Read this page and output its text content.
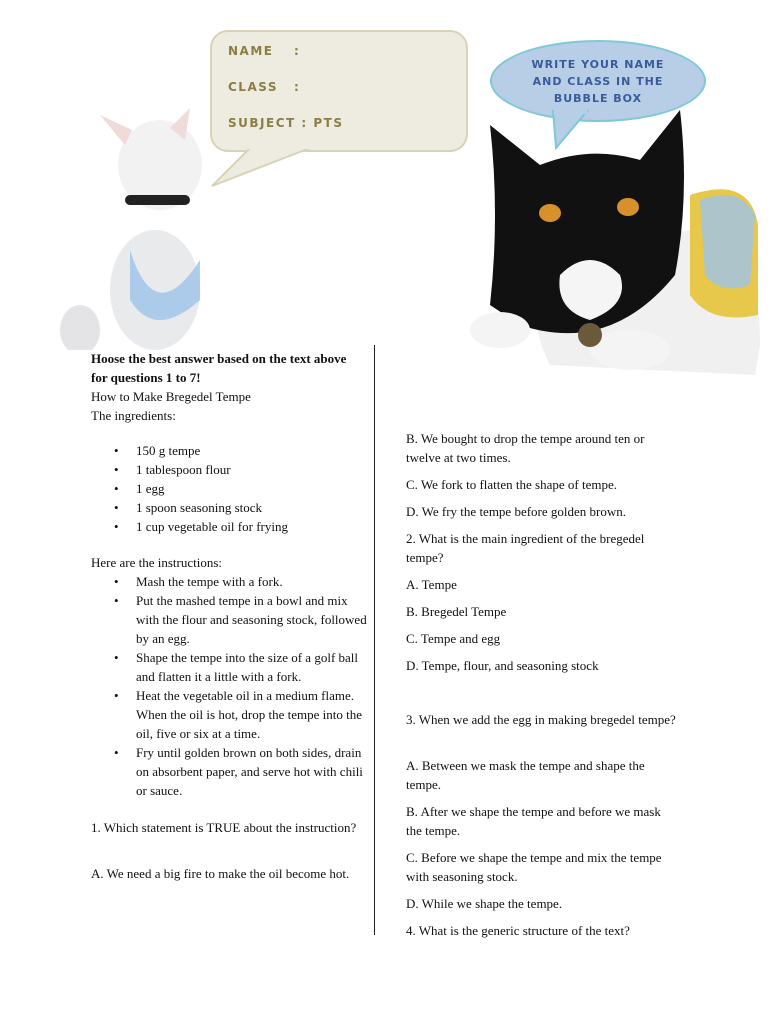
NAME :
CLASS :
SUBJECT : PTS
WRITE YOUR NAME AND CLASS IN THE BUBBLE BOX
Hoose the best answer based on the text above for questions 1 to 7!
How to Make Bregedel Tempe
The ingredients:
• 150 g tempe
• 1 tablespoon flour
• 1 egg
• 1 spoon seasoning stock
• 1 cup vegetable oil for frying
Here are the instructions:
• Mash the tempe with a fork.
• Put the mashed tempe in a bowl and mix with the flour and seasoning stock, followed by an egg.
• Shape the tempe into the size of a golf ball and flatten it a little with a fork.
• Heat the vegetable oil in a medium flame. When the oil is hot, drop the tempe into the oil, five or six at a time.
• Fry until golden brown on both sides, drain on absorbent paper, and serve hot with chili or sauce.
1. Which statement is TRUE about the instruction?
A. We need a big fire to make the oil become hot.
B. We bought to drop the tempe around ten or twelve at two times.
C. We fork to flatten the shape of tempe.
D. We fry the tempe before golden brown.
2. What is the main ingredient of the bregedel tempe?
A. Tempe
B. Bregedel Tempe
C. Tempe and egg
D. Tempe, flour, and seasoning stock
3. When we add the egg in making bregedel tempe?
A. Between we mask the tempe and shape the tempe.
B. After we shape the tempe and before we mask the tempe.
C. Before we shape the tempe and mix the tempe with seasoning stock.
D. While we shape the tempe.
4. What is the generic structure of the text?
